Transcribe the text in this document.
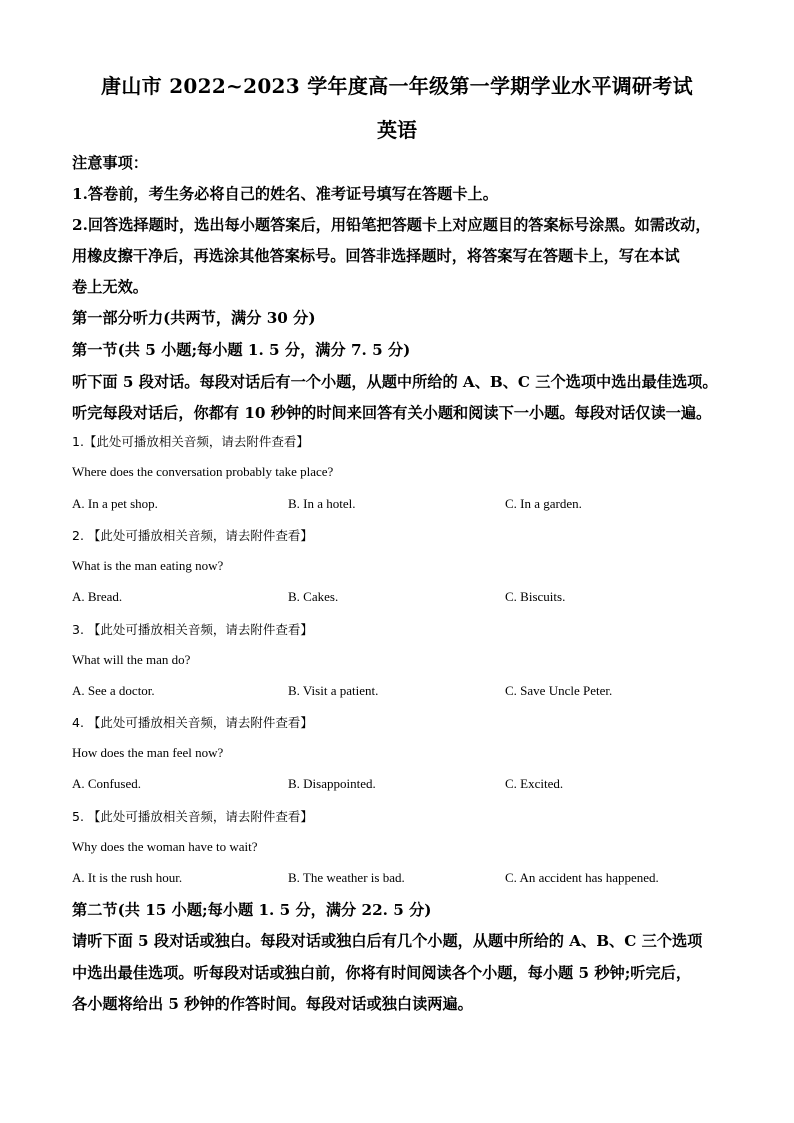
唐山市 2022~2023 学年度高一年级第一学期学业水平调研考试
英语
注意事项：
1.答卷前，考生务必将自己的姓名、准考证号填写在答题卡上。
2.回答选择题时，选出每小题答案后，用铅笔把答题卡上对应题目的答案标号涂黑。如需改动，
用橡皮擦干净后，再选涂其他答案标号。回答非选择题时，将答案写在答题卡上，写在本试
卷上无效。
第一部分听力(共两节，满分 30 分)
第一节(共 5 小题;每小题 1. 5 分，满分 7. 5 分)
听下面 5 段对话。每段对话后有一个小题，从题中所给的 A、B、C 三个选项中选出最佳选项。
听完每段对话后，你都有 10 秒钟的时间来回答有关小题和阅读下一小题。每段对话仅读一遍。
1.【此处可播放相关音频，请去附件查看】
Where does the conversation probably take place?
A. In a pet shop.	B. In a hotel.	C. In a garden.
2. 【此处可播放相关音频，请去附件查看】
What is the man eating now?
A. Bread.	B. Cakes.	C. Biscuits.
3. 【此处可播放相关音频，请去附件查看】
What will the man do?
A. See a doctor.	B. Visit a patient.	C. Save Uncle Peter.
4. 【此处可播放相关音频，请去附件查看】
How does the man feel now?
A. Confused.	B. Disappointed.	C. Excited.
5. 【此处可播放相关音频，请去附件查看】
Why does the woman have to wait?
A. It is the rush hour.	B. The weather is bad.	C. An accident has happened.
第二节(共 15 小题;每小题 1. 5 分，满分 22. 5 分)
请听下面 5 段对话或独白。每段对话或独白后有几个小题，从题中所给的 A、B、C 三个选项
中选出最佳选项。听每段对话或独白前，你将有时间阅读各个小题，每小题 5 秒钟;听完后，
各小题将给出 5 秒钟的作答时间。每段对话或独白读两遍。
